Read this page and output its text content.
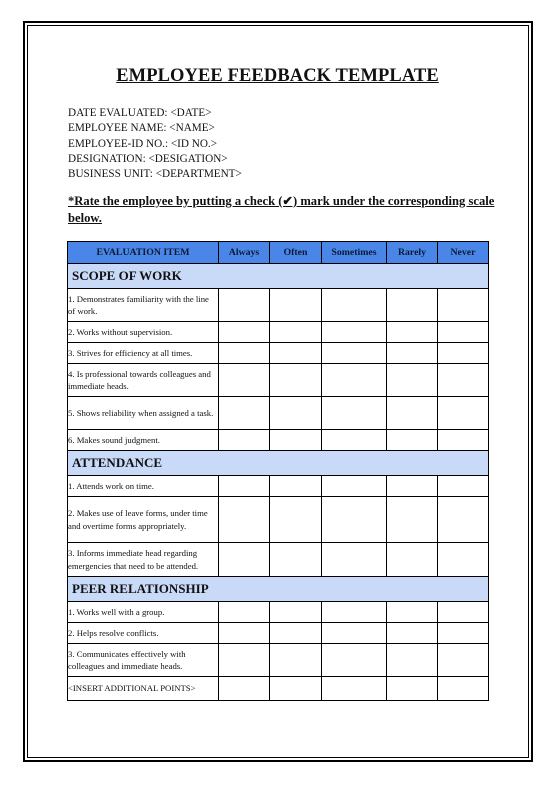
EMPLOYEE FEEDBACK TEMPLATE
DATE EVALUATED: <DATE>
EMPLOYEE NAME: <NAME>
EMPLOYEE-ID NO.: <ID NO.>
DESIGNATION: <DESIGATION>
BUSINESS UNIT: <DEPARTMENT>
*Rate the employee by putting a check (✔) mark under the corresponding scale below.
EVALUATION ITEM	Always	Often	Sometimes	Rarely	Never
SCOPE OF WORK					
1. Demonstrates familiarity with the line of work.					
2. Works without supervision.					
3. Strives for efficiency at all times.					
4. Is professional towards colleagues and immediate heads.					
5. Shows reliability when assigned a task.					
6. Makes sound judgment.					
ATTENDANCE					
1. Attends work on time.					
2. Makes use of leave forms, under time and overtime forms appropriately.					
3. Informs immediate head regarding emergencies that need to be attended.					
PEER RELATIONSHIP					
1. Works well with a group.					
2. Helps resolve conflicts.					
3. Communicates effectively with colleagues and immediate heads.					
<INSERT ADDITIONAL POINTS>					
